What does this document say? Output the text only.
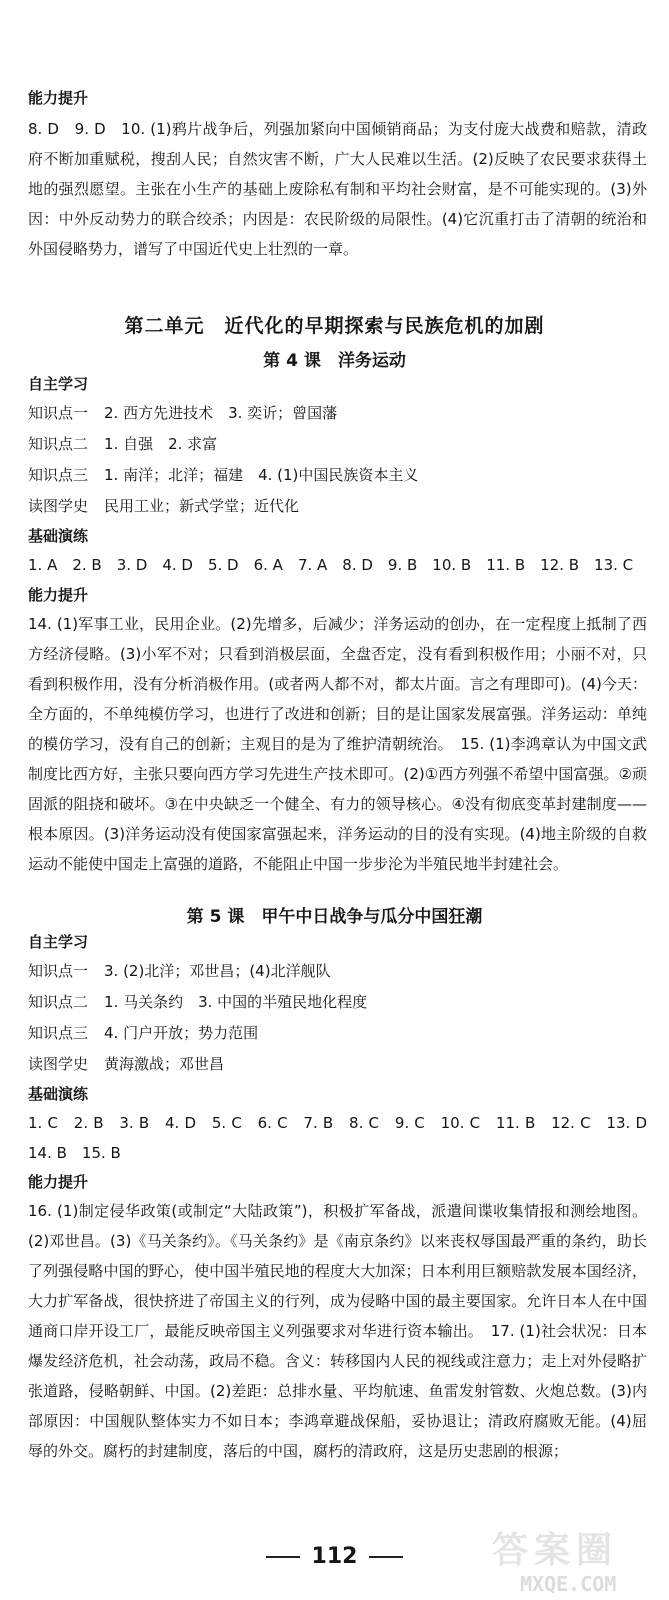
能力提升

8. D　9. D　10. (1)鸦片战争后，列强加紧向中国倾销商品；为支付庞大战费和赔款，清政府不断加重赋税，搜刮人民；自然灾害不断，广大人民难以生活。(2)反映了农民要求获得土地的强烈愿望。主张在小生产的基础上废除私有制和平均社会财富，是不可能实现的。(3)外因：中外反动势力的联合绞杀；内因是：农民阶级的局限性。(4)它沉重打击了清朝的统治和外国侵略势力，谱写了中国近代史上壮烈的一章。

第二单元　近代化的早期探索与民族危机的加剧

第 4 课　洋务运动

自主学习

知识点一 2. 西方先进技术　3. 奕䜣；曾国藩

知识点二 1. 自强　2. 求富

知识点三 1. 南洋；北洋；福建　4. (1)中国民族资本主义

读图学史 民用工业；新式学堂；近代化

基础演练

1. A　2. B　3. D　4. D　5. D　6. A　7. A　8. D　9. B　10. B　11. B　12. B　13. C

能力提升

14. (1)军事工业，民用企业。(2)先增多，后减少；洋务运动的创办，在一定程度上抵制了西方经济侵略。(3)小军不对；只看到消极层面，全盘否定，没有看到积极作用；小丽不对，只看到积极作用，没有分析消极作用。(或者两人都不对，都太片面。言之有理即可)。(4)今天：全方面的，不单纯模仿学习，也进行了改进和创新；目的是让国家发展富强。洋务运动：单纯的模仿学习，没有自己的创新；主观目的是为了维护清朝统治。　15. (1)李鸿章认为中国文武制度比西方好，主张只要向西方学习先进生产技术即可。(2)①西方列强不希望中国富强。②顽固派的阻挠和破坏。③在中央缺乏一个健全、有力的领导核心。④没有彻底变革封建制度——根本原因。(3)洋务运动没有使国家富强起来，洋务运动的目的没有实现。(4)地主阶级的自救运动不能使中国走上富强的道路，不能阻止中国一步步沦为半殖民地半封建社会。

第 5 课　甲午中日战争与瓜分中国狂潮

自主学习

知识点一 3. (2)北洋；邓世昌；(4)北洋舰队

知识点二 1. 马关条约　3. 中国的半殖民地化程度

知识点三 4. 门户开放；势力范围

读图学史 黄海激战；邓世昌

基础演练

1. C　2. B　3. B　4. D　5. C　6. C　7. B　8. C　9. C　10. C　11. B　12. C　13. D　14. B　15. B

能力提升

16. (1)制定侵华政策(或制定“大陆政策”)，积极扩军备战，派遣间谍收集情报和测绘地图。(2)邓世昌。(3)《马关条约》。《马关条约》是《南京条约》以来丧权辱国最严重的条约，助长了列强侵略中国的野心，使中国半殖民地的程度大大加深；日本利用巨额赔款发展本国经济，大力扩军备战，很快挤进了帝国主义的行列，成为侵略中国的最主要国家。允许日本人在中国通商口岸开设工厂，最能反映帝国主义列强要求对华进行资本输出。　17. (1)社会状况：日本爆发经济危机，社会动荡，政局不稳。含义：转移国内人民的视线或注意力；走上对外侵略扩张道路，侵略朝鲜、中国。(2)差距：总排水量、平均航速、鱼雷发射管数、火炮总数。(3)内部原因：中国舰队整体实力不如日本；李鸿章避战保船，妥协退让；清政府腐败无能。(4)屈辱的外交。腐朽的封建制度，落后的中国，腐朽的清政府，这是历史悲剧的根源；

112	答案圈
MXQE.COM
